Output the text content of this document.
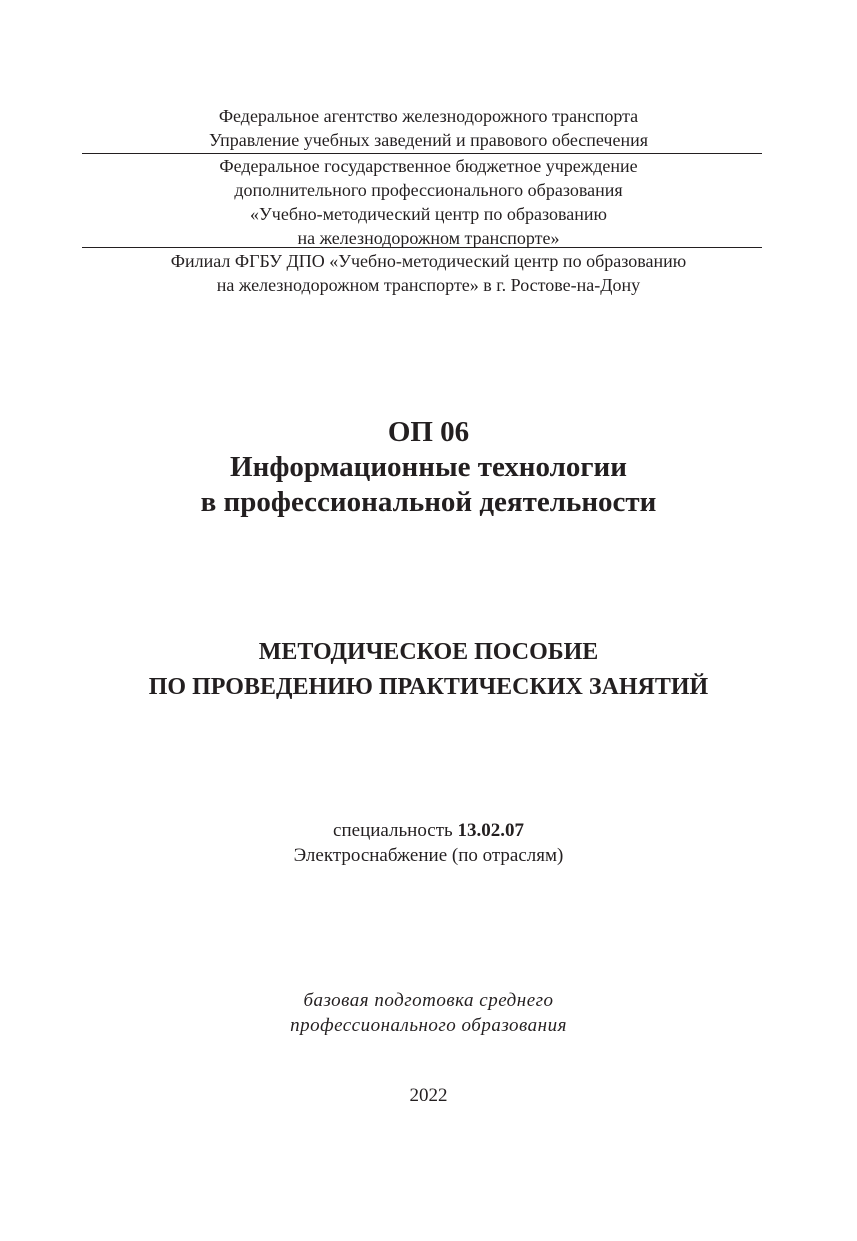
Федеральное агентство железнодорожного транспорта
Управление учебных заведений и правового обеспечения
Федеральное государственное бюджетное учреждение
дополнительного профессионального образования
«Учебно-методический центр по образованию
на железнодорожном транспорте»
Филиал ФГБУ ДПО «Учебно-методический центр по образованию
на железнодорожном транспорте» в г. Ростове-на-Дону
ОП 06
Информационные технологии
в профессиональной деятельности
МЕТОДИЧЕСКОЕ ПОСОБИЕ
ПО ПРОВЕДЕНИЮ ПРАКТИЧЕСКИХ ЗАНЯТИЙ
специальность 13.02.07
Электроснабжение (по отраслям)
базовая подготовка среднего
профессионального образования
2022
